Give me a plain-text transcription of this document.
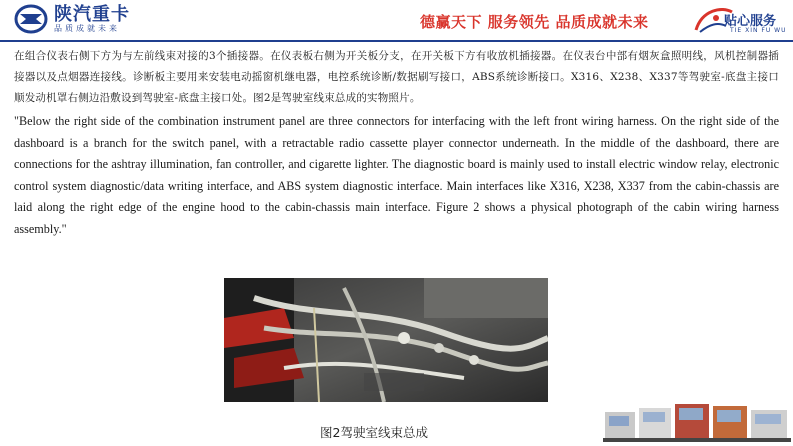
陕汽重卡
品质成就未来	德赢天下 服务领先 品质成就未来	贴心服务
TIE XIN FU WU

在组合仪表右侧下方为与左前线束对接的3个插接器。在仪表板右侧为开关板分支，在开关板下方有收放机插接器。在仪表台中部有烟灰盒照明线，风机控制器插接器以及点烟器连接线。诊断板主要用来安装电动摇窗机继电器，电控系统诊断/数据刷写接口，ABS系统诊断接口。X316、X238、X337等驾驶室-底盘主接口顺发动机罩右侧边沿敷设到驾驶室-底盘主接口处。图2是驾驶室线束总成的实物照片。

"Below the right side of the combination instrument panel are three connectors for interfacing with the left front wiring harness. On the right side of the dashboard is a branch for the switch panel, with a retractable radio cassette player connector underneath. In the middle of the dashboard, there are connections for the ashtray illumination, fan controller, and cigarette lighter. The diagnostic board is mainly used to install electric window relay, electronic control system diagnostic/data writing interface, and ABS system diagnostic interface. Main interfaces like X316, X238, X337 from the cabin-chassis are laid along the right edge of the engine hood to the cabin-chassis main interface. Figure 2 shows a physical photograph of the cabin wiring harness assembly."

图2驾驶室线束总成
